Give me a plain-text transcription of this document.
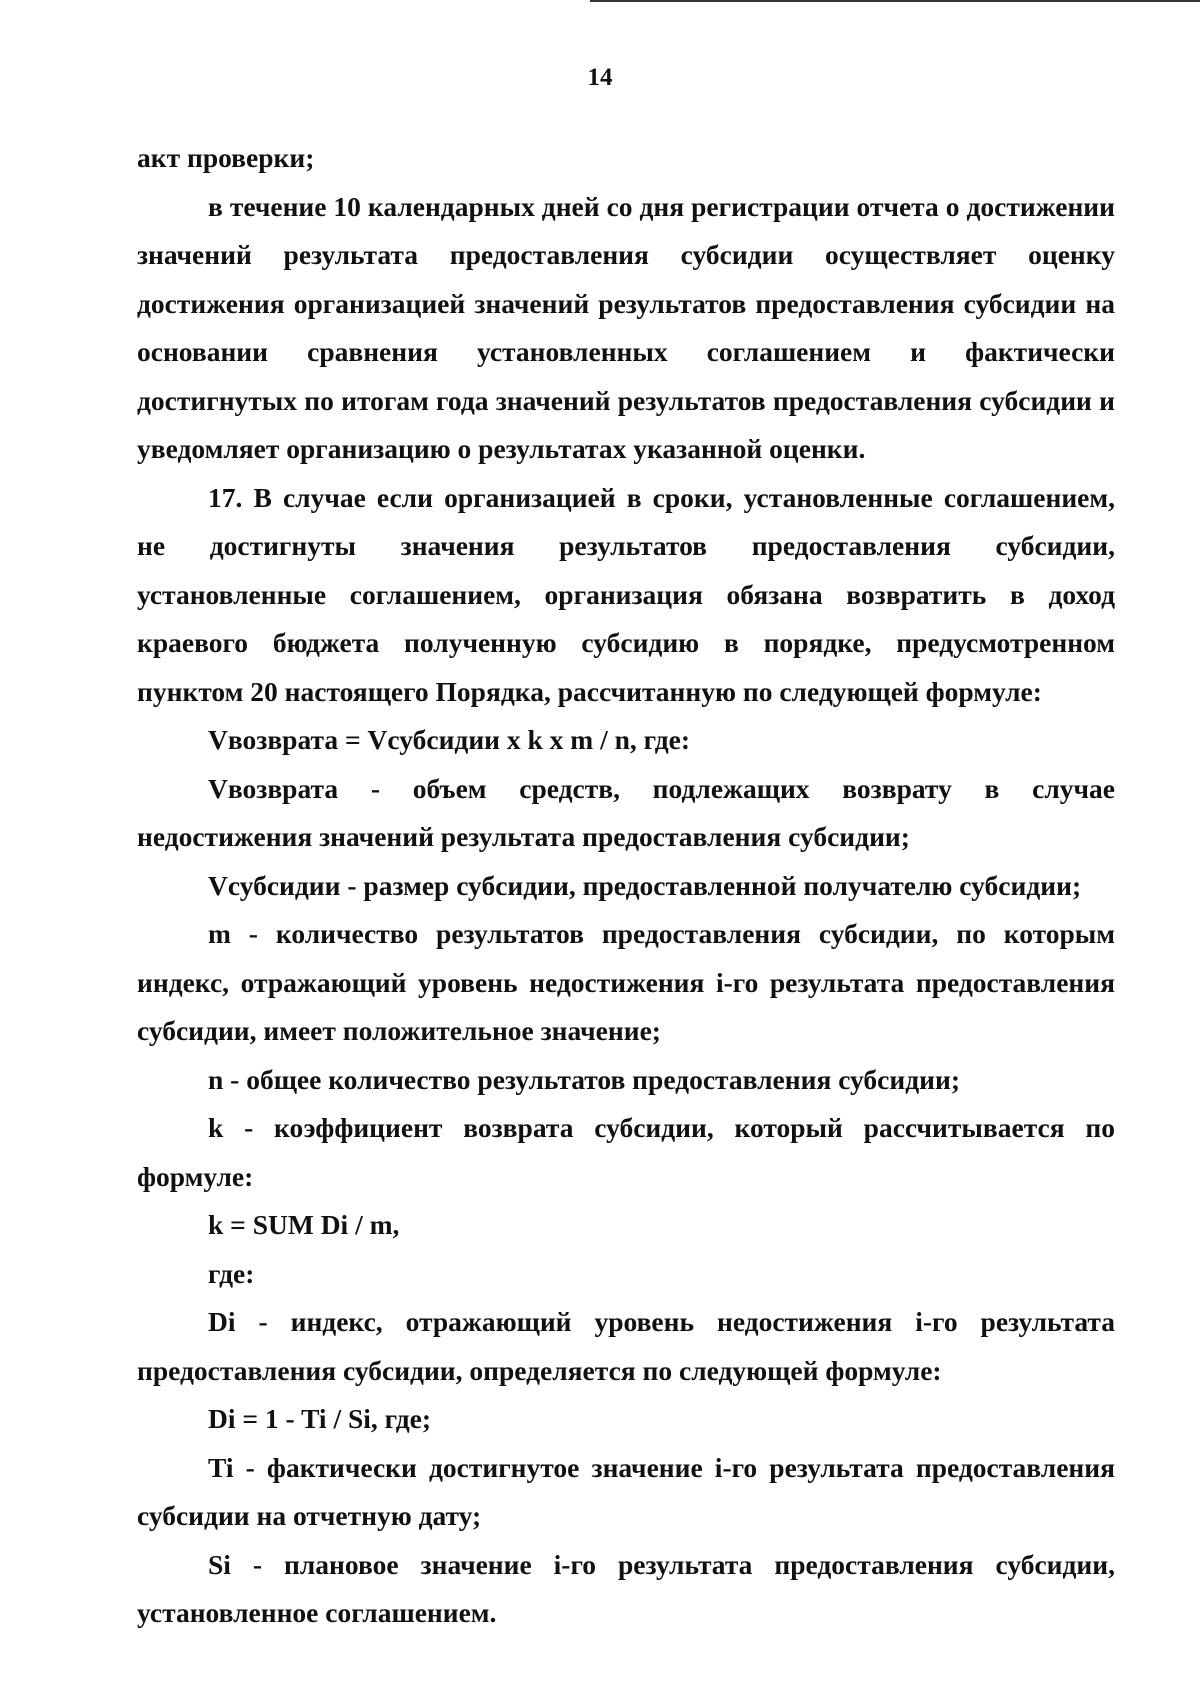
14

акт проверки;

в течение 10 календарных дней со дня регистрации отчета о достижении значений результата предоставления субсидии осуществляет оценку достижения организацией значений результатов предоставления субсидии на основании сравнения установленных соглашением и фактически достигнутых по итогам года значений результатов предоставления субсидии и уведомляет организацию о результатах указанной оценки.

17. В случае если организацией в сроки, установленные соглашением, не достигнуты значения результатов предоставления субсидии, установленные соглашением, организация обязана возвратить в доход краевого бюджета полученную субсидию в порядке, предусмотренном пунктом 20 настоящего Порядка, рассчитанную по следующей формуле:

Vвозврата = Vсубсидии x k x m / n, где:

Vвозврата - объем средств, подлежащих возврату в случае недостижения значений результата предоставления субсидии;

Vсубсидии - размер субсидии, предоставленной получателю субсидии;

m - количество результатов предоставления субсидии, по которым индекс, отражающий уровень недостижения i-го результата предоставления субсидии, имеет положительное значение;

n - общее количество результатов предоставления субсидии;

k - коэффициент возврата субсидии, который рассчитывается по формуле:

k = SUM Di / m,

где:

Di - индекс, отражающий уровень недостижения i-го результата предоставления субсидии, определяется по следующей формуле:

Di = 1 - Ti / Si, где;

Ti - фактически достигнутое значение i-го результата предоставления субсидии на отчетную дату;

Si - плановое значение i-го результата предоставления субсидии, установленное соглашением.
